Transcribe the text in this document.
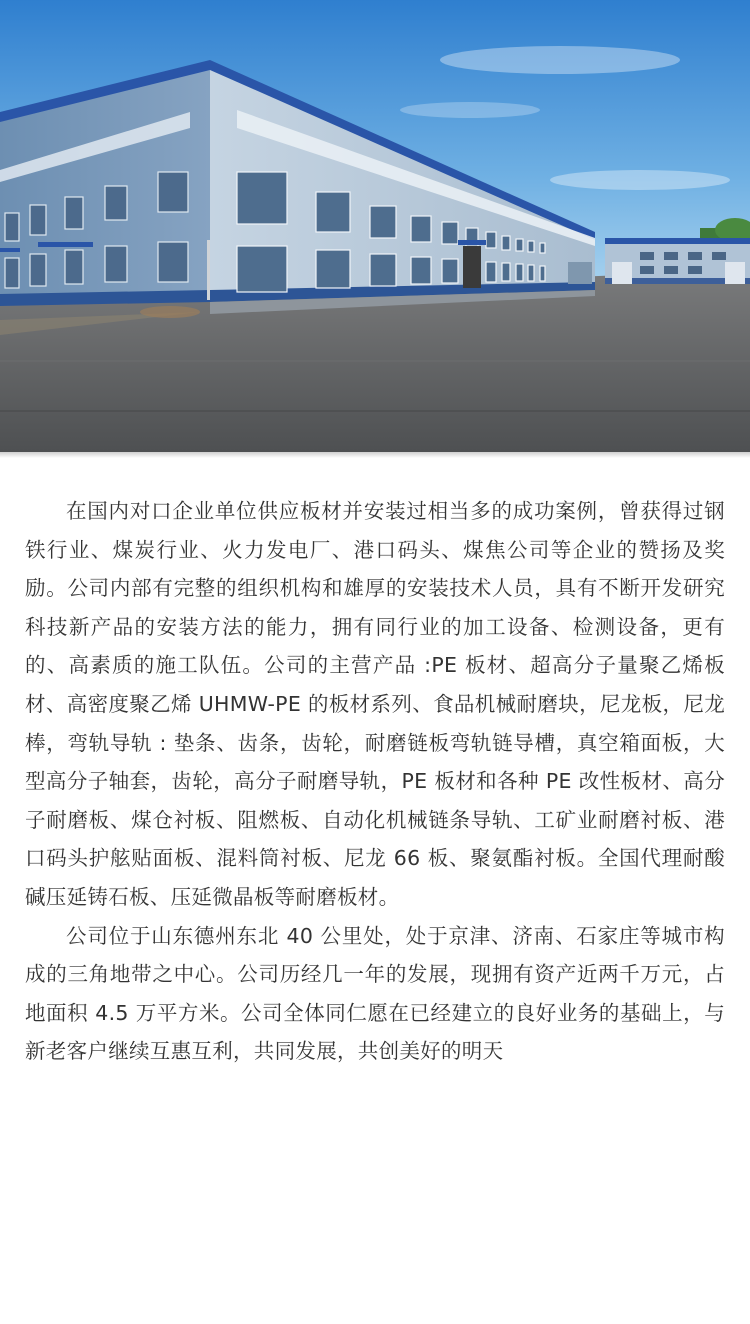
在国内对口企业单位供应板材并安装过相当多的成功案例，曾获得过钢铁行业、煤炭行业、火力发电厂、港口码头、煤焦公司等企业的赞扬及奖励。公司内部有完整的组织机构和雄厚的安装技术人员，具有不断开发研究科技新产品的安装方法的能力，拥有同行业的加工设备、检测设备，更有的、高素质的施工队伍。公司的主营产品 :PE 板材、超高分子量聚乙烯板材、高密度聚乙烯 UHMW-PE 的板材系列、食品机械耐磨块，尼龙板，尼龙棒，弯轨导轨 : 垫条、齿条，齿轮，耐磨链板弯轨链导槽，真空箱面板，大型高分子轴套，齿轮，高分子耐磨导轨，PE 板材和各种 PE 改性板材、高分子耐磨板、煤仓衬板、阻燃板、自动化机械链条导轨、工矿业耐磨衬板、港口码头护舷贴面板、混料筒衬板、尼龙 66 板、聚氨酯衬板。全国代理耐酸碱压延铸石板、压延微晶板等耐磨板材。

公司位于山东德州东北 40 公里处，处于京津、济南、石家庄等城市构成的三角地带之中心。公司历经几一年的发展，现拥有资产近两千万元，占地面积 4.5 万平方米。公司全体同仁愿在已经建立的良好业务的基础上，与新老客户继续互惠互利，共同发展，共创美好的明天
